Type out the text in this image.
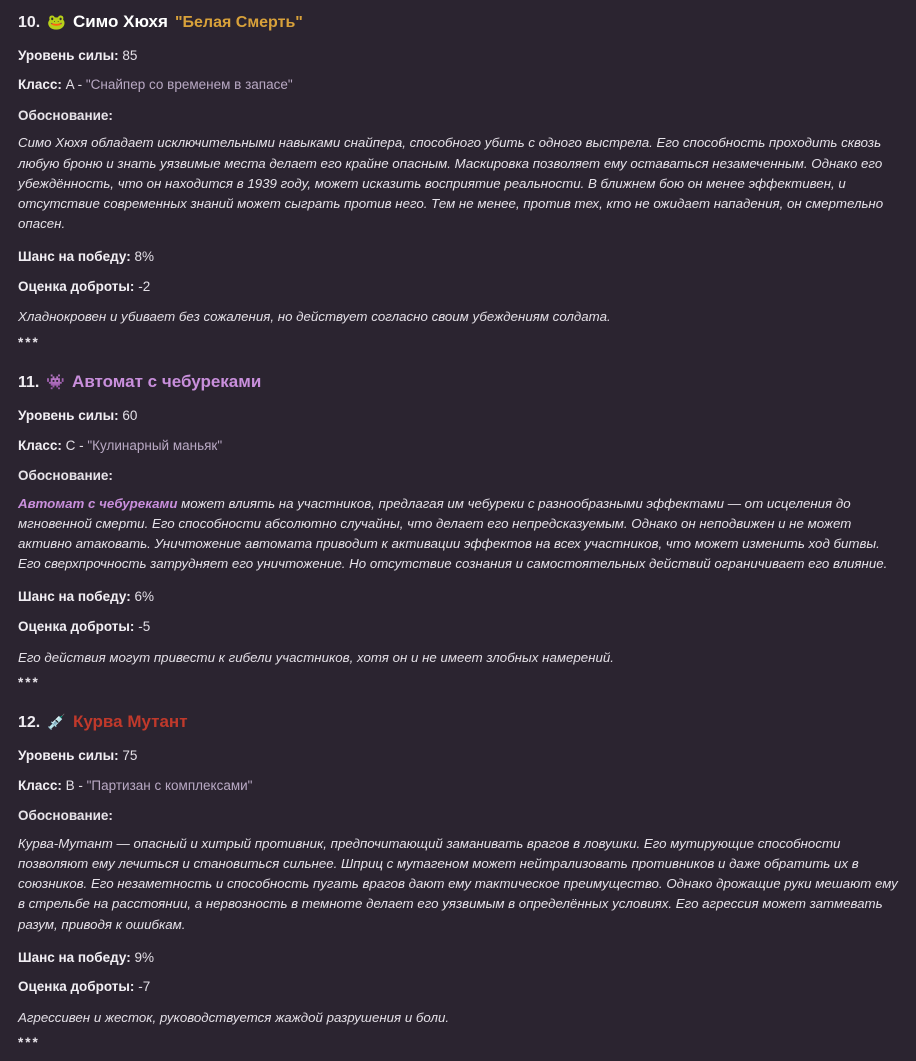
10. 🐸 Симо Хюхя "Белая Смерть"

Уровень силы: 85

Класс: A - "Снайпер со временем в запасе"

Обоснование:

Симо Хюхя обладает исключительными навыками снайпера, способного убить с одного выстрела. Его способность проходить сквозь любую броню и знать уязвимые места делает его крайне опасным. Маскировка позволяет ему оставаться незамеченным. Однако его убеждённость, что он находится в 1939 году, может исказить восприятие реальности. В ближнем бою он менее эффективен, и отсутствие современных знаний может сыграть против него. Тем не менее, против тех, кто не ожидает нападения, он смертельно опасен.

Шанс на победу: 8%

Оценка доброты: -2

Хладнокровен и убивает без сожаления, но действует согласно своим убеждениям солдата.

***
11. 👾 Автомат с чебуреками

Уровень силы: 60

Класс: C - "Кулинарный маньяк"

Обоснование:

Автомат с чебуреками может влиять на участников, предлагая им чебуреки с разнообразными эффектами — от исцеления до мгновенной смерти. Его способности абсолютно случайны, что делает его непредсказуемым. Однако он неподвижен и не может активно атаковать. Уничтожение автомата приводит к активации эффектов на всех участников, что может изменить ход битвы. Его сверхпрочность затрудняет его уничтожение. Но отсутствие сознания и самостоятельных действий ограничивает его влияние.

Шанс на победу: 6%

Оценка доброты: -5

Его действия могут привести к гибели участников, хотя он и не имеет злобных намерений.

***
12. 💉 Курва Мутант

Уровень силы: 75

Класс: B - "Партизан с комплексами"

Обоснование:

Курва-Мутант — опасный и хитрый противник, предпочитающий заманивать врагов в ловушки. Его мутирующие способности позволяют ему лечиться и становиться сильнее. Шприц с мутагеном может нейтрализовать противников и даже обратить их в союзников. Его незаметность и способность пугать врагов дают ему тактическое преимущество. Однако дрожащие руки мешают ему в стрельбе на расстоянии, а нервозность в темноте делает его уязвимым в определённых условиях. Его агрессия может затмевать разум, приводя к ошибкам.

Шанс на победу: 9%

Оценка доброты: -7

Агрессивен и жесток, руководствуется жаждой разрушения и боли.

***
